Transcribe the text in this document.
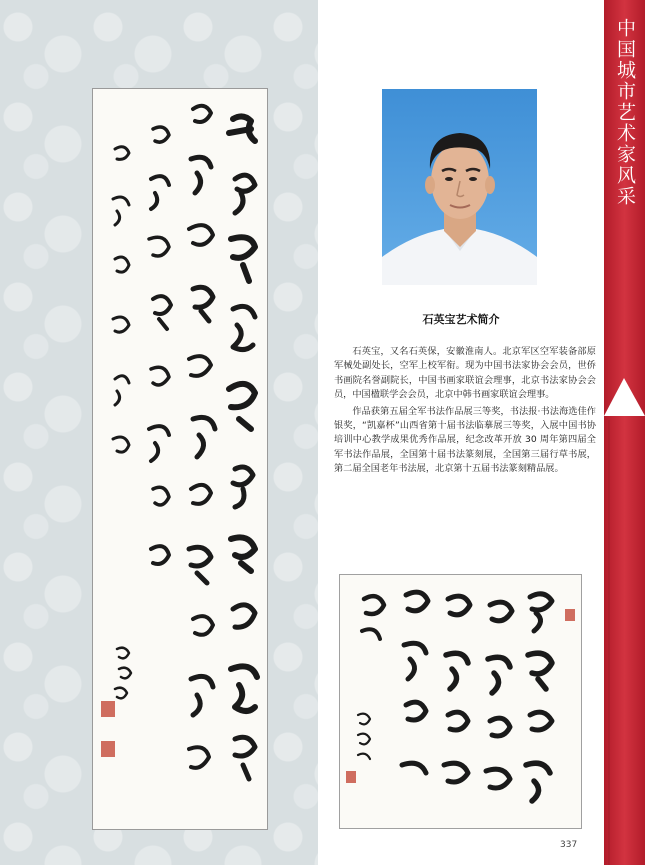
中国城市艺术家风采
石英宝艺术简介

石英宝，又名石英保，安徽淮南人。北京军区空军装备部原军械处副处长，空军上校军衔。现为中国书法家协会会员，世侨书画院名誉副院长，中国书画家联谊会理事，北京书法家协会会员，中国楹联学会会员，北京中韩书画家联谊会理事。

作品获第五届全军书法作品展三等奖，书法报·书法海选佳作银奖，“凯嘉杯”山西省第十届书法临摹展三等奖，入展中国书协培训中心教学成果优秀作品展，纪念改革开放 30 周年第四届全军书法作品展，全国第十届书法篆刻展，全国第三届行草书展，第二届全国老年书法展，北京第十五届书法篆刻精品展。

337
